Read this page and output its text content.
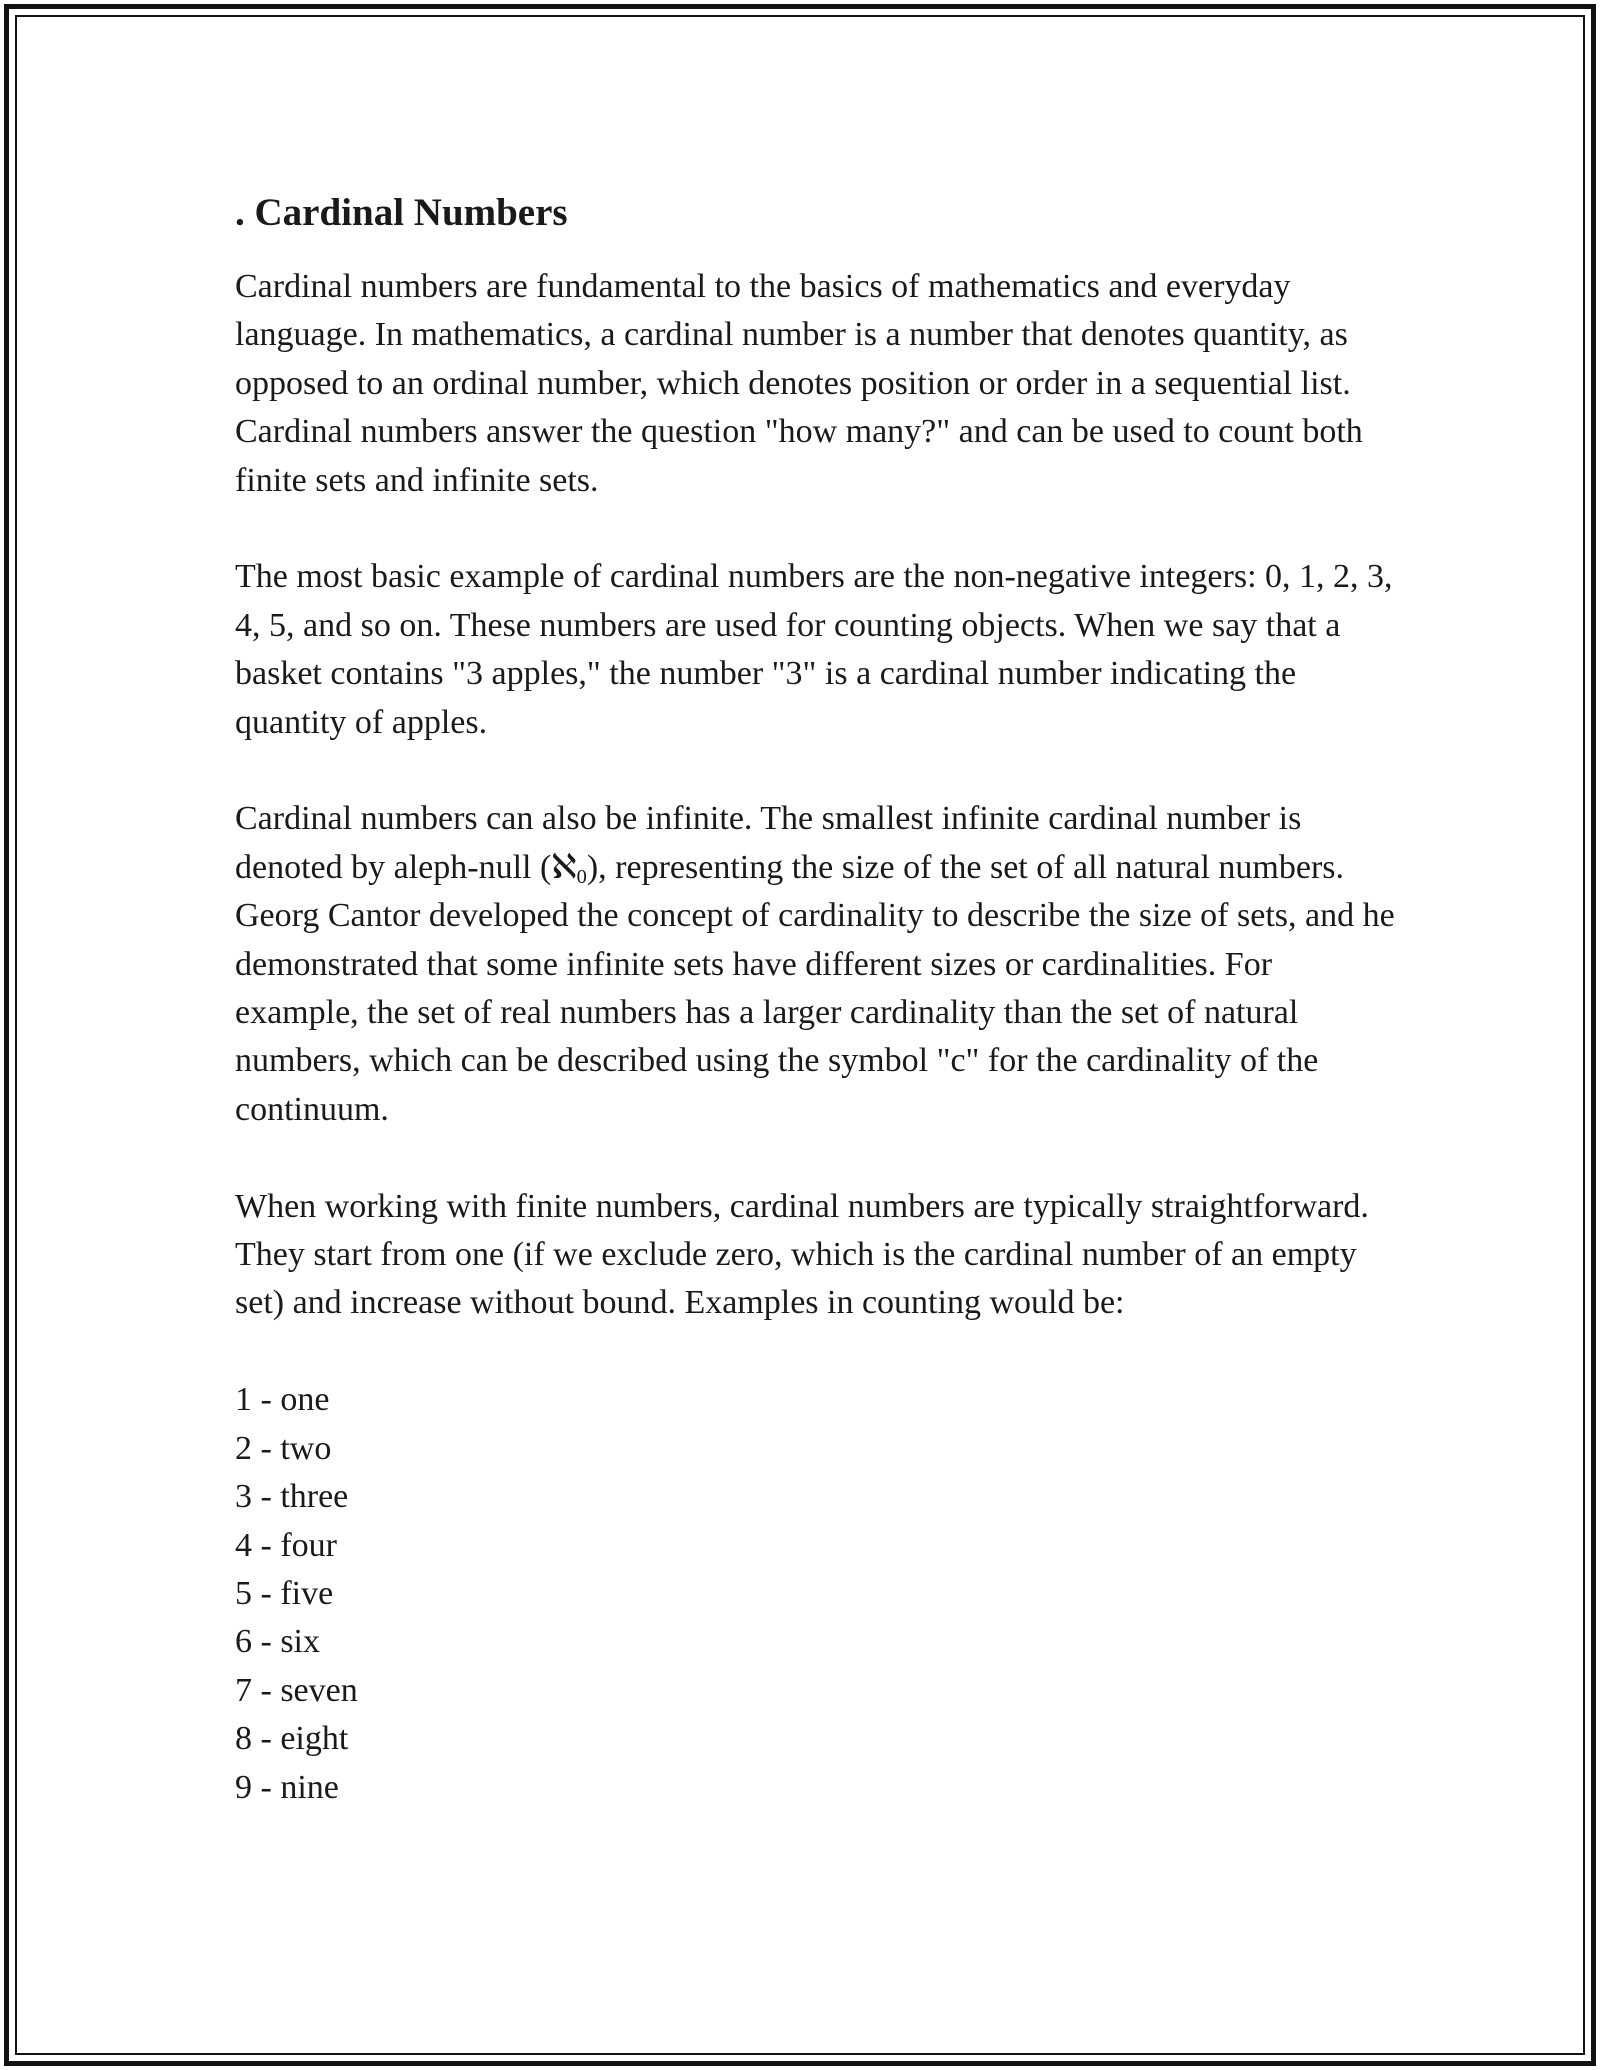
. Cardinal Numbers

Cardinal numbers are fundamental to the basics of mathematics and everyday language. In mathematics, a cardinal number is a number that denotes quantity, as opposed to an ordinal number, which denotes position or order in a sequential list. Cardinal numbers answer the question "how many?" and can be used to count both finite sets and infinite sets.

The most basic example of cardinal numbers are the non-negative integers: 0, 1, 2, 3, 4, 5, and so on. These numbers are used for counting objects. When we say that a basket contains "3 apples," the number "3" is a cardinal number indicating the quantity of apples.

Cardinal numbers can also be infinite. The smallest infinite cardinal number is denoted by aleph-null (ℵ0), representing the size of the set of all natural numbers. Georg Cantor developed the concept of cardinality to describe the size of sets, and he demonstrated that some infinite sets have different sizes or cardinalities. For example, the set of real numbers has a larger cardinality than the set of natural numbers, which can be described using the symbol "c" for the cardinality of the continuum.

When working with finite numbers, cardinal numbers are typically straightforward. They start from one (if we exclude zero, which is the cardinal number of an empty set) and increase without bound. Examples in counting would be:

1 - one
2 - two
3 - three
4 - four
5 - five
6 - six
7 - seven
8 - eight
9 - nine
